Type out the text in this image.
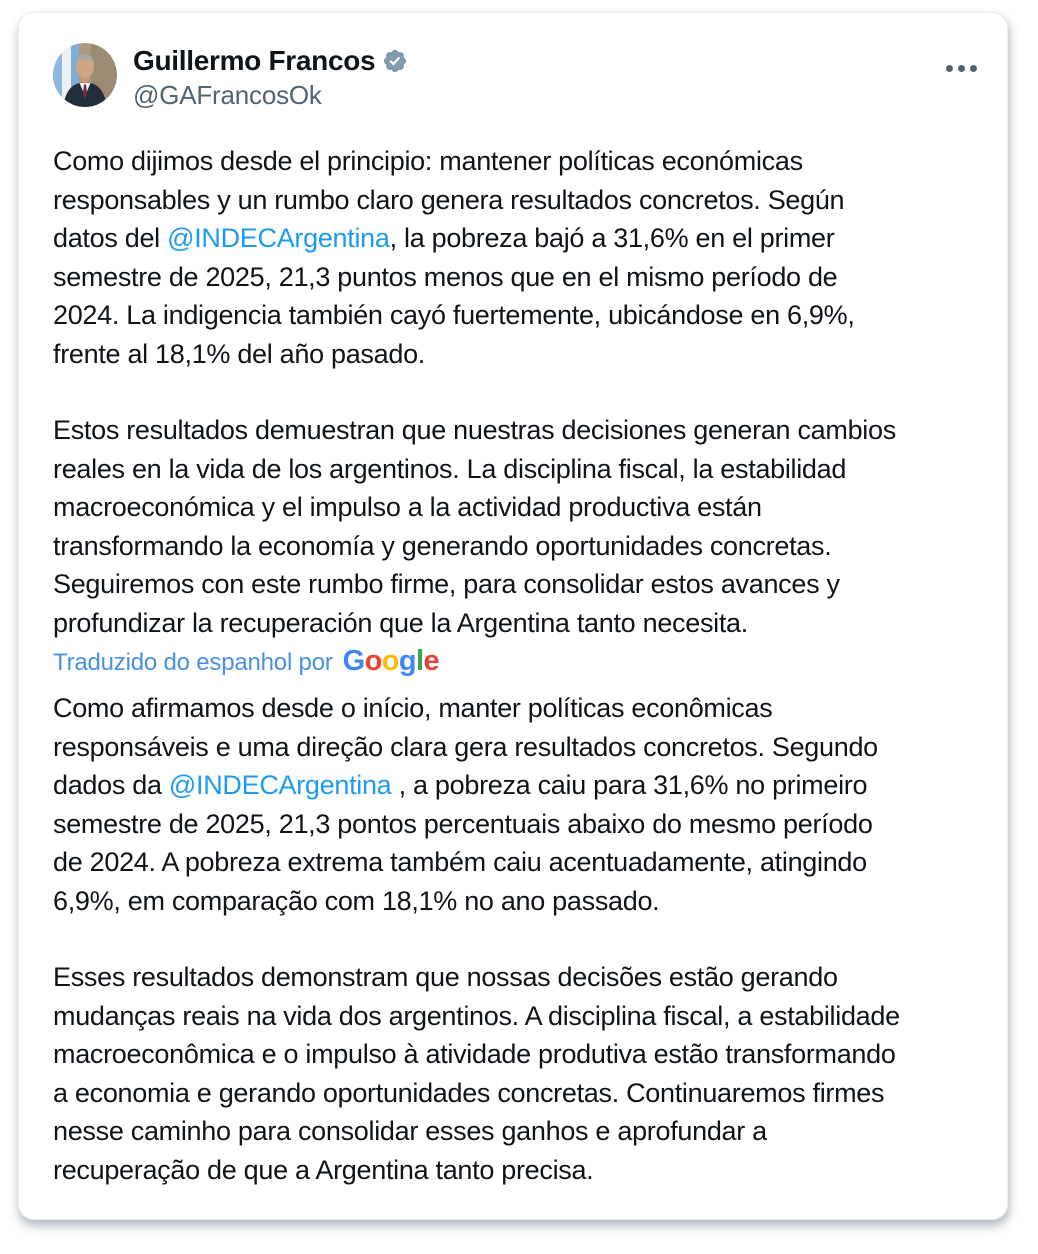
Guillermo Francos
@GAFrancosOk
Como dijimos desde el principio: mantener políticas económicas
responsables y un rumbo claro genera resultados concretos. Según
datos del @INDECArgentina, la pobreza bajó a 31,6% en el primer
semestre de 2025, 21,3 puntos menos que en el mismo período de
2024. La indigencia también cayó fuertemente, ubicándose en 6,9%,
frente al 18,1% del año pasado.
Estos resultados demuestran que nuestras decisiones generan cambios
reales en la vida de los argentinos. La disciplina fiscal, la estabilidad
macroeconómica y el impulso a la actividad productiva están
transformando la economía y generando oportunidades concretas.
Seguiremos con este rumbo firme, para consolidar estos avances y
profundizar la recuperación que la Argentina tanto necesita.
Traduzido do espanhol por Google
Como afirmamos desde o início, manter políticas econômicas
responsáveis e uma direção clara gera resultados concretos. Segundo
dados da @INDECArgentina , a pobreza caiu para 31,6% no primeiro
semestre de 2025, 21,3 pontos percentuais abaixo do mesmo período
de 2024. A pobreza extrema também caiu acentuadamente, atingindo
6,9%, em comparação com 18,1% no ano passado.
Esses resultados demonstram que nossas decisões estão gerando
mudanças reais na vida dos argentinos. A disciplina fiscal, a estabilidade
macroeconômica e o impulso à atividade produtiva estão transformando
a economia e gerando oportunidades concretas. Continuaremos firmes
nesse caminho para consolidar esses ganhos e aprofundar a
recuperação de que a Argentina tanto precisa.
